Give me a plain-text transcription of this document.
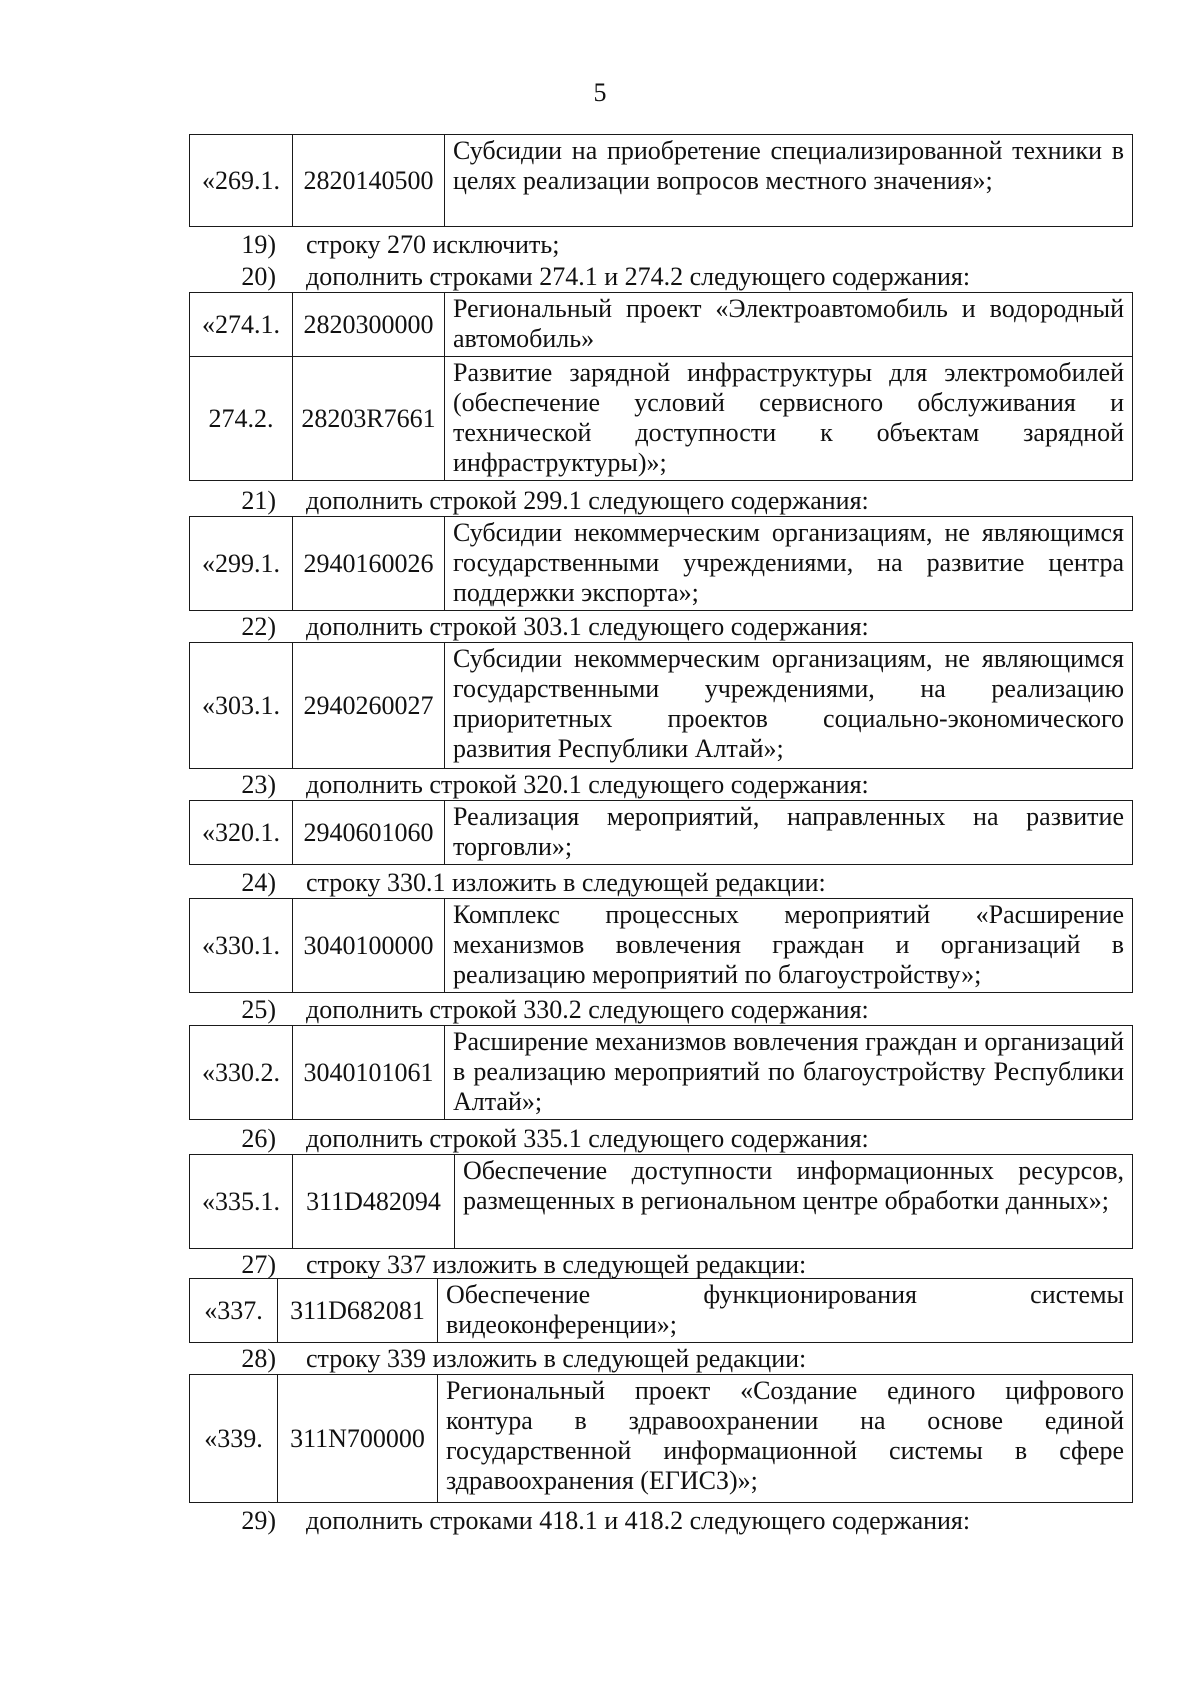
5
«269.1.	2820140500	Субсидии на приобретение специализированной техники в целях реализации вопросов местного значения»;
19) строку 270 исключить;
20) дополнить строками 274.1 и 274.2 следующего содержания:
«274.1.	2820300000	Региональный проект «Электроавтомобиль и водородный автомобиль»
274.2.	28203R7661	Развитие зарядной инфраструктуры для электромобилей (обеспечение условий сервисного обслуживания и технической доступности к объектам зарядной инфраструктуры)»;
21) дополнить строкой 299.1 следующего содержания:
«299.1.	2940160026	Субсидии некоммерческим организациям, не являющимся государственными учреждениями, на развитие центра поддержки экспорта»;
22) дополнить строкой 303.1 следующего содержания:
«303.1.	2940260027	Субсидии некоммерческим организациям, не являющимся государственными учреждениями, на реализацию приоритетных проектов социально-экономического развития Республики Алтай»;
23) дополнить строкой 320.1 следующего содержания:
«320.1.	2940601060	Реализация мероприятий, направленных на развитие торговли»;
24) строку 330.1 изложить в следующей редакции:
«330.1.	3040100000	Комплекс процессных мероприятий «Расширение механизмов вовлечения граждан и организаций в реализацию мероприятий по благоустройству»;
25) дополнить строкой 330.2 следующего содержания:
«330.2.	3040101061	Расширение механизмов вовлечения граждан и организаций в реализацию мероприятий по благоустройству Республики Алтай»;
26) дополнить строкой 335.1 следующего содержания:
«335.1.	311D482094	Обеспечение доступности информационных ресурсов, размещенных в региональном центре обработки данных»;
27) строку 337 изложить в следующей редакции:
«337.	311D682081	Обеспечение функционирования системы видеоконференции»;
28) строку 339 изложить в следующей редакции:
«339.	311N700000	Региональный проект «Создание единого цифрового контура в здравоохранении на основе единой государственной информационной системы в сфере здравоохранения (ЕГИСЗ)»;
29) дополнить строками 418.1 и 418.2 следующего содержания:
